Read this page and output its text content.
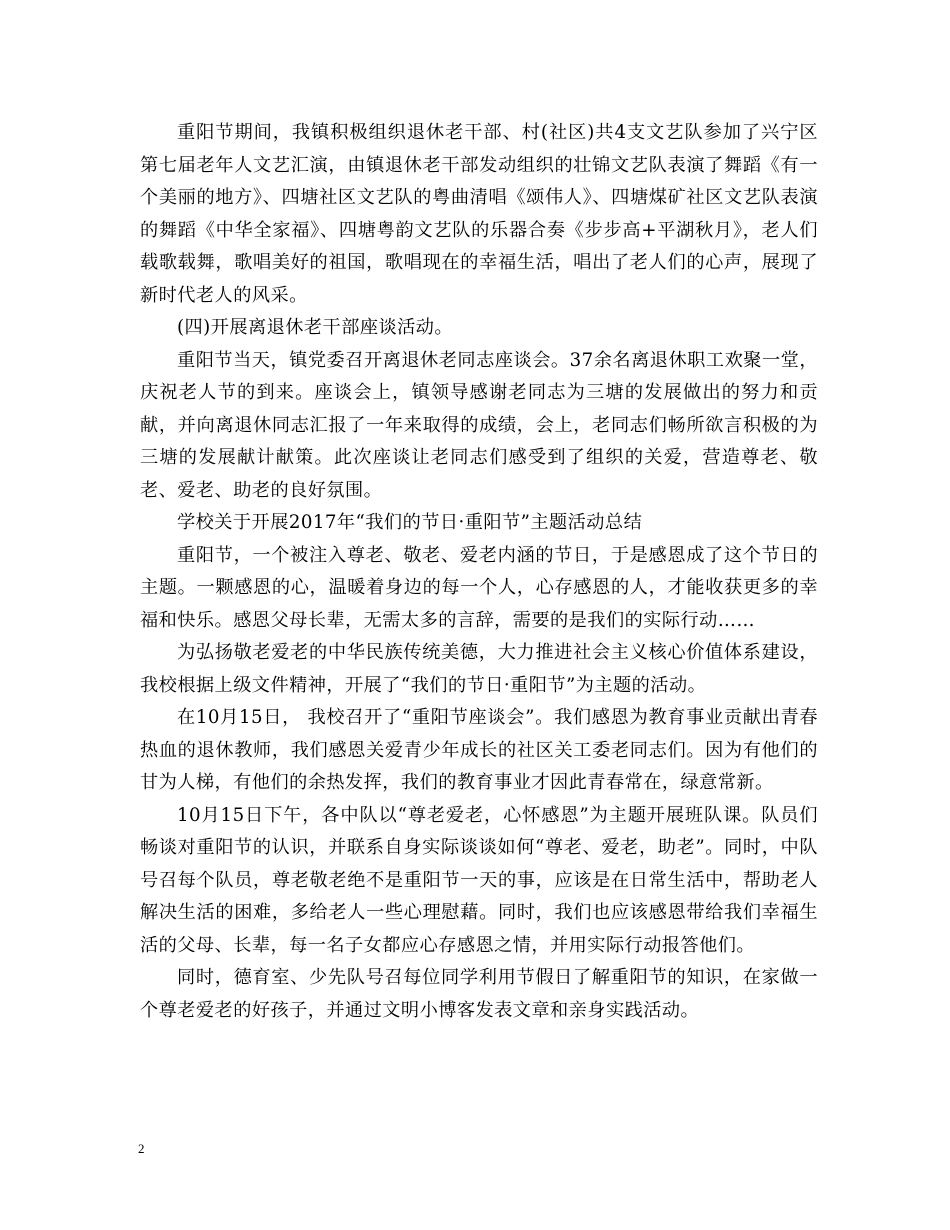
重阳节期间，我镇积极组织退休老干部、村(社区)共4支文艺队参加了兴宁区第七届老年人文艺汇演，由镇退休老干部发动组织的壮锦文艺队表演了舞蹈《有一个美丽的地方》、四塘社区文艺队的粤曲清唱《颂伟人》、四塘煤矿社区文艺队表演的舞蹈《中华全家福》、四塘粤韵文艺队的乐器合奏《步步高+平湖秋月》，老人们载歌载舞，歌唱美好的祖国，歌唱现在的幸福生活，唱出了老人们的心声，展现了新时代老人的风采。

(四)开展离退休老干部座谈活动。

重阳节当天，镇党委召开离退休老同志座谈会。37余名离退休职工欢聚一堂，庆祝老人节的到来。座谈会上，镇领导感谢老同志为三塘的发展做出的努力和贡献，并向离退休同志汇报了一年来取得的成绩，会上，老同志们畅所欲言积极的为三塘的发展献计献策。此次座谈让老同志们感受到了组织的关爱，营造尊老、敬老、爱老、助老的良好氛围。

学校关于开展2017年“我们的节日·重阳节”主题活动总结

重阳节，一个被注入尊老、敬老、爱老内涵的节日，于是感恩成了这个节日的主题。一颗感恩的心，温暖着身边的每一个人，心存感恩的人，才能收获更多的幸福和快乐。感恩父母长辈，无需太多的言辞，需要的是我们的实际行动……

为弘扬敬老爱老的中华民族传统美德，大力推进社会主义核心价值体系建设，我校根据上级文件精神，开展了“我们的节日·重阳节”为主题的活动。

在10月15日， 我校召开了“重阳节座谈会”。我们感恩为教育事业贡献出青春热血的退休教师，我们感恩关爱青少年成长的社区关工委老同志们。因为有他们的甘为人梯，有他们的余热发挥，我们的教育事业才因此青春常在，绿意常新。

10月15日下午，各中队以“尊老爱老，心怀感恩”为主题开展班队课。队员们畅谈对重阳节的认识，并联系自身实际谈谈如何“尊老、爱老，助老”。同时，中队号召每个队员，尊老敬老绝不是重阳节一天的事，应该是在日常生活中，帮助老人解决生活的困难，多给老人一些心理慰藉。同时，我们也应该感恩带给我们幸福生活的父母、长辈，每一名子女都应心存感恩之情，并用实际行动报答他们。

同时，德育室、少先队号召每位同学利用节假日了解重阳节的知识，在家做一个尊老爱老的好孩子，并通过文明小博客发表文章和亲身实践活动。

2
